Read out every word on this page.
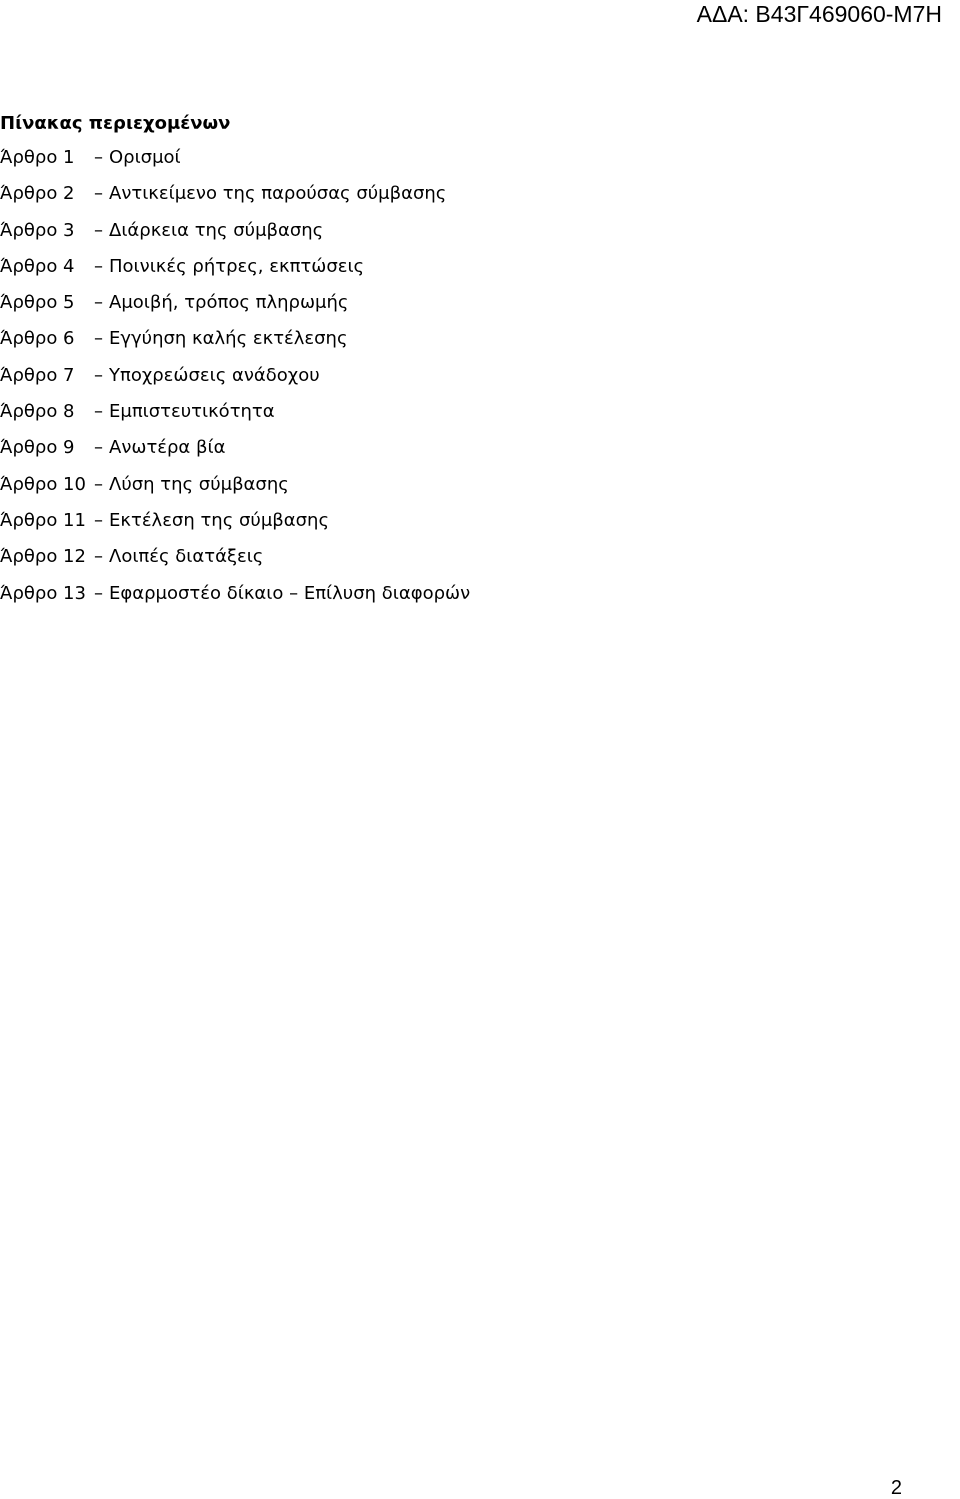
ΑΔΑ: Β43Γ469060-Μ7Η
Πίνακας περιεχομένων
Άρθρο 1	– Ορισμοί
Άρθρο 2	– Αντικείμενο της παρούσας σύμβασης
Άρθρο 3	– Διάρκεια της σύμβασης
Άρθρο 4	– Ποινικές ρήτρες, εκπτώσεις
Άρθρο 5	– Αμοιβή, τρόπος πληρωμής
Άρθρο 6	– Εγγύηση καλής εκτέλεσης
Άρθρο 7	– Υποχρεώσεις ανάδοχου
Άρθρο 8	– Εμπιστευτικότητα
Άρθρο 9	– Ανωτέρα βία
Άρθρο 10 – Λύση της σύμβασης
Άρθρο 11 – Εκτέλεση της σύμβασης
Άρθρο 12 – Λοιπές διατάξεις
Άρθρο 13 – Εφαρμοστέο δίκαιο – Επίλυση διαφορών
2
